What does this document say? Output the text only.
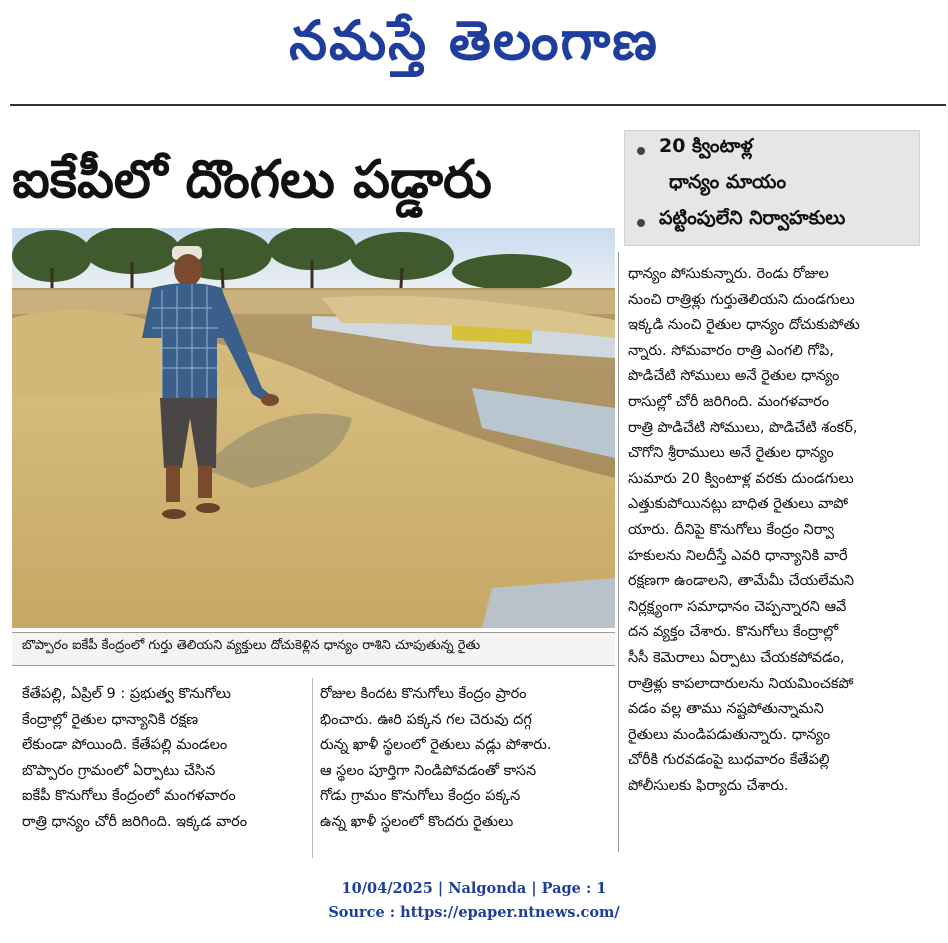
నమస్తే తెలంగాణ
ఐకేపీలో దొంగలు పడ్డారు
20 క్వింటాళ్ల
ధాన్యం మాయం
పట్టింపులేని నిర్వాహకులు
బొప్పారం ఐకేపీ కేంద్రంలో గుర్తు తెలియని వ్యక్తులు దోచుకెళ్లిన ధాన్యం రాశిని చూపుతున్న రైతు

కేతేపల్లి, ఏప్రిల్ 9 : ప్రభుత్వ కొనుగోలు

కేంద్రాల్లో రైతుల ధాన్యానికి రక్షణ

లేకుండా పోయింది. కేతేపల్లి మండలం

బొప్పారం గ్రామంలో ఏర్పాటు చేసిన

ఐకేపీ కొనుగోలు కేంద్రంలో మంగళవారం

రాత్రి ధాన్యం చోరీ జరిగింది. ఇక్కడ వారం

రోజుల కిందట కొనుగోలు కేంద్రం ప్రారం

భించారు. ఊరి పక్కన గల చెరువు దగ్గ

రున్న ఖాళీ స్థలంలో రైతులు వడ్లు పోశారు.

ఆ స్థలం పూర్తిగా నిండిపోవడంతో కాసన

గోడు గ్రామం కొనుగోలు కేంద్రం పక్కన

ఉన్న ఖాళీ స్థలంలో కొందరు రైతులు

ధాన్యం పోసుకున్నారు. రెండు రోజుల

నుంచి రాత్రిళ్లు గుర్తుతెలియని దుండగులు

ఇక్కడి నుంచి రైతుల ధాన్యం దోచుకుపోతు

న్నారు. సోమవారం రాత్రి ఎంగలి గోపి,

పొడిచేటి సోములు అనే రైతుల ధాన్యం

రాసుల్లో చోరీ జరిగింది. మంగళవారం

రాత్రి పొడిచేటి సోములు, పొడిచేటి శంకర్,

చొగోని శ్రీరాములు అనే రైతుల ధాన్యం

సుమారు 20 క్వింటాళ్ల వరకు దుండగులు

ఎత్తుకుపోయినట్లు బాధిత రైతులు వాపో

యారు. దీనిపై కొనుగోలు కేంద్రం నిర్వా

హకులను నిలదీస్తే ఎవరి ధాన్యానికి వారే

రక్షణగా ఉండాలని, తామేమీ చేయలేమని

నిర్లక్ష్యంగా సమాధానం చెప్పన్నారని ఆవే

దన వ్యక్తం చేశారు. కొనుగోలు కేంద్రాల్లో

సీసీ కెమెరాలు ఏర్పాటు చేయకపోవడం,

రాత్రిళ్లు కాపలాదారులను నియమించకపో

వడం వల్ల తాము నష్టపోతున్నామని

రైతులు మండిపడుతున్నారు. ధాన్యం

చోరీకి గురవడంపై బుధవారం కేతేపల్లి

పోలీసులకు ఫిర్యాదు చేశారు.

10/04/2025 | Nalgonda | Page : 1
Source : https://epaper.ntnews.com/
